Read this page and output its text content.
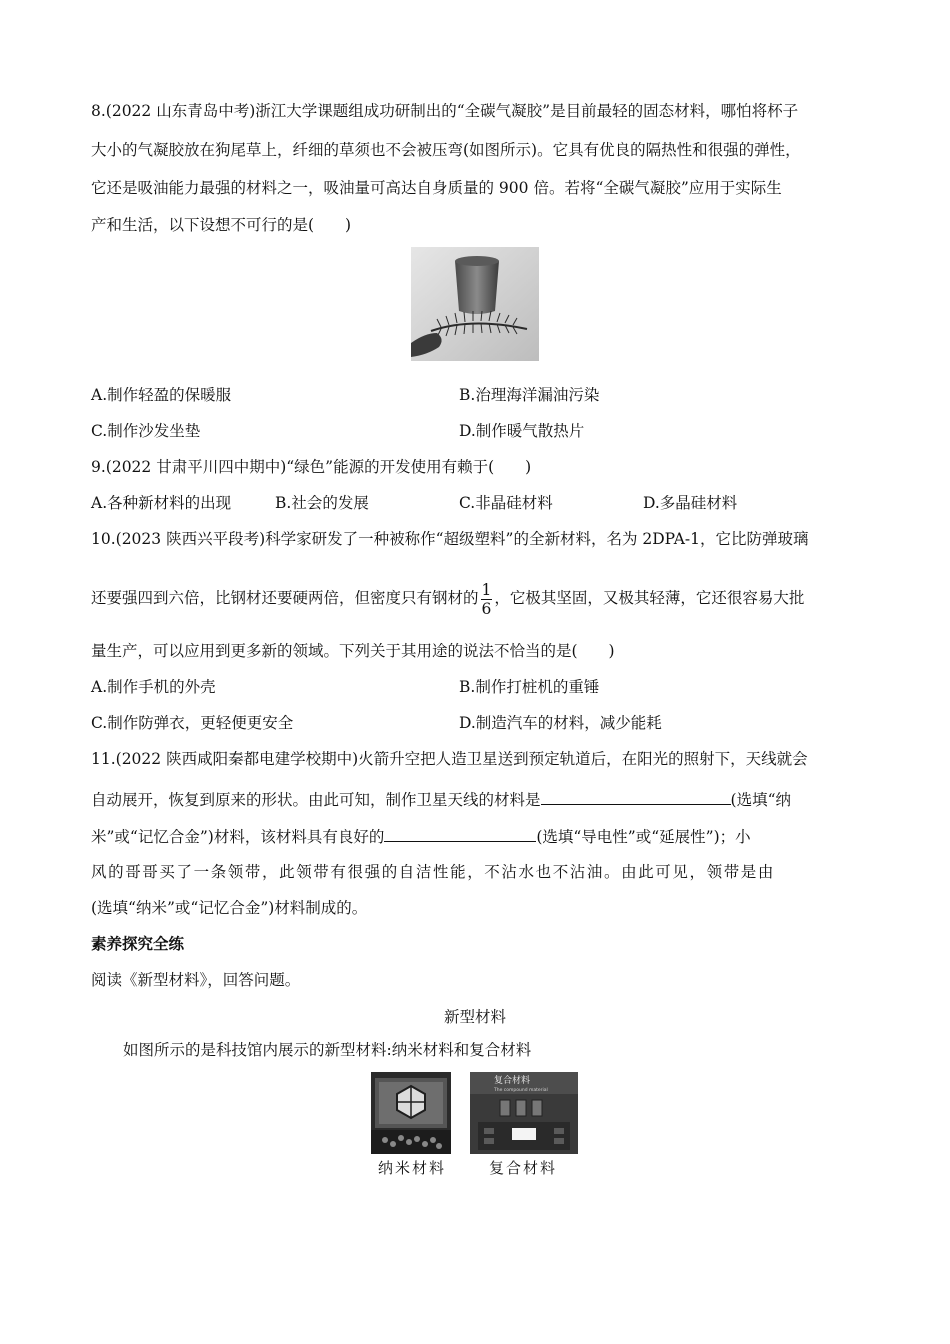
8.(2022 山东青岛中考)浙江大学课题组成功研制出的“全碳气凝胶”是目前最轻的固态材料，哪怕将杯子
大小的气凝胶放在狗尾草上，纤细的草须也不会被压弯(如图所示)。它具有优良的隔热性和很强的弹性，
它还是吸油能力最强的材料之一，吸油量可高达自身质量的 900 倍。若将“全碳气凝胶”应用于实际生
产和生活，以下设想不可行的是(　　)
A.制作轻盈的保暖服	B.治理海洋漏油污染
C.制作沙发坐垫	D.制作暖气散热片
9.(2022 甘肃平川四中期中)“绿色”能源的开发使用有赖于(　　)
A.各种新材料的出现	B.社会的发展	C.非晶硅材料	D.多晶硅材料
10.(2023 陕西兴平段考)科学家研发了一种被称作“超级塑料”的全新材料，名为 2DPA-1，它比防弹玻璃
还要强四到六倍，比钢材还要硬两倍，但密度只有钢材的 $\frac{1}{6}$ ，它极其坚固，又极其轻薄，它还很容易大批
量生产，可以应用到更多新的领域。下列关于其用途的说法不恰当的是(　　)
A.制作手机的外壳	B.制作打桩机的重锤
C.制作防弹衣，更轻便更安全	D.制造汽车的材料，减少能耗
11.(2022 陕西咸阳秦都电建学校期中)火箭升空把人造卫星送到预定轨道后，在阳光的照射下，天线就会
自动展开，恢复到原来的形状。由此可知，制作卫星天线的材料是	(选填“纳
米”或“记忆合金”)材料，该材料具有良好的	(选填“导电性”或“延展性”)；小
风的哥哥买了一条领带，此领带有很强的自洁性能，不沾水也不沾油。由此可见，领带是由
(选填“纳米”或“记忆合金”)材料制成的。
素养探究全练
阅读《新型材料》，回答问题。
新型材料
如图所示的是科技馆内展示的新型材料:纳米材料和复合材料
复合材料
The compound material
纳米材料	复合材料
